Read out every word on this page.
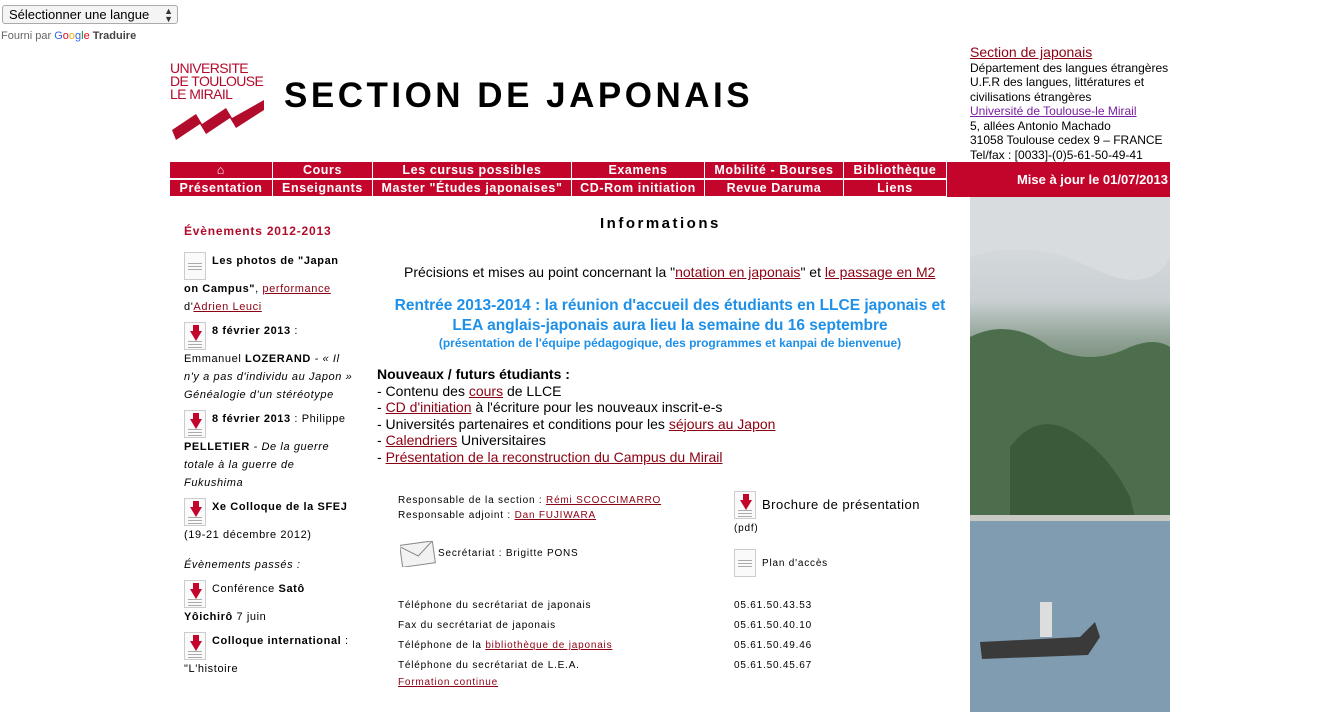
Sélectionner une langue ▲
▼
Fourni par Google Traduire
UNIVERSITE
DE TOULOUSE
LE MIRAIL	SECTION DE JAPONAIS
Section de japonais
Département des langues étrangères
U.F.R des langues, littératures et civilisations étrangères
Université de Toulouse-le Mirail
5, allées Antonio Machado
31058 Toulouse cedex 9 – FRANCE
Tel/fax : [0033]-(0)5-61-50-49-41
⌂	Cours	Les cursus possibles	Examens	Mobilité - Bourses	Bibliothèque
Présentation	Enseignants	Master "Études japonaises"	CD-Rom initiation	Revue Daruma	Liens
Mise à jour le 01/07/2013
Évènements 2012-2013
Les photos de "Japan on Campus", performance d'Adrien Leuci
8 février 2013 : Emmanuel LOZERAND - « Il n'y a pas d'individu au Japon » Généalogie d'un stéréotype
8 février 2013 : Philippe PELLETIER - De la guerre totale à la guerre de Fukushima
Xe Colloque de la SFEJ (19-21 décembre 2012)
Évènements passés :
Conférence Satô Yôichirô 7 juin
Colloque international : "L'histoire
Informations
Précisions et mises au point concernant la "notation en japonais" et le passage en M2
Rentrée 2013-2014 : la réunion d'accueil des étudiants en LLCE japonais et LEA anglais-japonais aura lieu la semaine du 16 septembre
(présentation de l'équipe pédagogique, des programmes et kanpai de bienvenue)
Nouveaux / futurs étudiants :
- Contenu des cours de LLCE
- CD d'initiation à l'écriture pour les nouveaux inscrit-e-s
- Universités partenaires et conditions pour les séjours au Japon
- Calendriers Universitaires
- Présentation de la reconstruction du Campus du Mirail
Responsable de la section : Rémi SCOCCIMARRO
Responsable adjoint : Dan FUJIWARA
Brochure de présentation
(pdf)
Secrétariat : Brigitte PONS
Plan d'accès
Téléphone du secrétariat de japonais	05.61.50.43.53
Fax du secrétariat de japonais	05.61.50.40.10
Téléphone de la bibliothèque de japonais	05.61.50.49.46
Téléphone du secrétariat de L.E.A.	05.61.50.45.67
Formation continue
